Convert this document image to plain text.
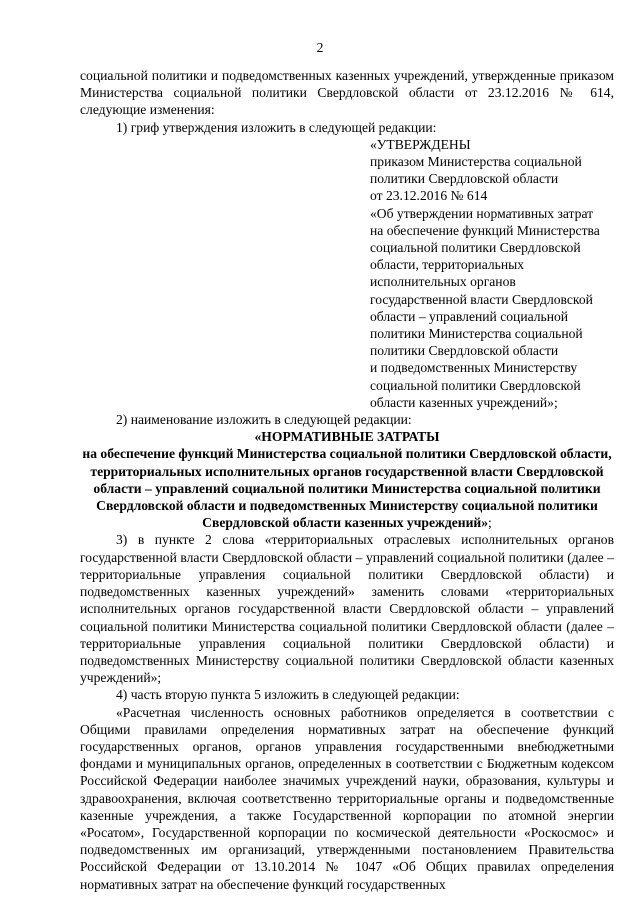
2

социальной политики и подведомственных казенных учреждений, утвержденные приказом Министерства социальной политики Свердловской области от 23.12.2016 № 614, следующие изменения:

1) гриф утверждения изложить в следующей редакции:

«УТВЕРЖДЕНЫ
приказом Министерства социальной
политики Свердловской области
от 23.12.2016 № 614
«Об утверждении нормативных затрат
на обеспечение функций Министерства
социальной политики Свердловской
области, территориальных
исполнительных органов
государственной власти Свердловской
области – управлений социальной
политики Министерства социальной
политики Свердловской области
и подведомственных Министерству
социальной политики Свердловской
области казенных учреждений»;

2) наименование изложить в следующей редакции:

«НОРМАТИВНЫЕ ЗАТРАТЫ

на обеспечение функций Министерства социальной политики Свердловской области, территориальных исполнительных органов государственной власти Свердловской области – управлений социальной политики Министерства социальной политики Свердловской области и подведомственных Министерству социальной политики Свердловской области казенных учреждений»;

3) в пункте 2 слова «территориальных отраслевых исполнительных органов государственной власти Свердловской области – управлений социальной политики (далее – территориальные управления социальной политики Свердловской области) и подведомственных казенных учреждений» заменить словами «территориальных исполнительных органов государственной власти Свердловской области – управлений социальной политики Министерства социальной политики Свердловской области (далее – территориальные управления социальной политики Свердловской области) и подведомственных Министерству социальной политики Свердловской области казенных учреждений»;

4) часть вторую пункта 5 изложить в следующей редакции:

«Расчетная численность основных работников определяется в соответствии с Общими правилами определения нормативных затрат на обеспечение функций государственных органов, органов управления государственными внебюджетными фондами и муниципальных органов, определенных в соответствии с Бюджетным кодексом Российской Федерации наиболее значимых учреждений науки, образования, культуры и здравоохранения, включая соответственно территориальные органы и подведомственные казенные учреждения, а также Государственной корпорации по атомной энергии «Росатом», Государственной корпорации по космической деятельности «Роскосмос» и подведомственных им организаций, утвержденными постановлением Правительства Российской Федерации от 13.10.2014 № 1047 «Об Общих правилах определения нормативных затрат на обеспечение функций государственных
